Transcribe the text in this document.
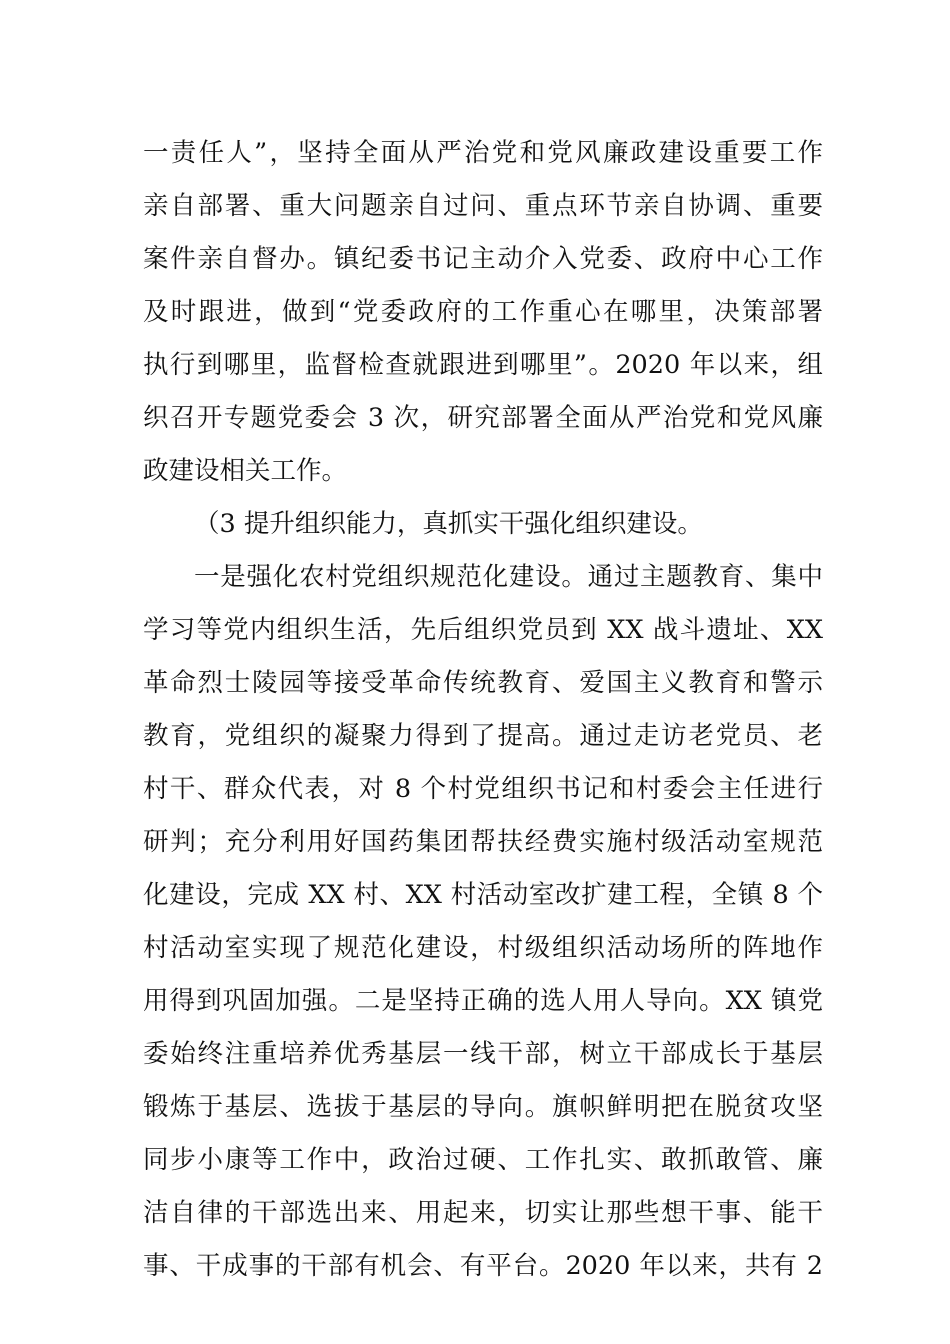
一责任人”，坚持全面从严治党和党风廉政建设重要工作
亲自部署、重大问题亲自过问、重点环节亲自协调、重要
案件亲自督办。镇纪委书记主动介入党委、政府中心工作
及时跟进，做到“党委政府的工作重心在哪里，决策部署
执行到哪里，监督检查就跟进到哪里”。2020 年以来，组
织召开专题党委会 3 次，研究部署全面从严治党和党风廉
政建设相关工作。
（3 提升组织能力，真抓实干强化组织建设。
一是强化农村党组织规范化建设。通过主题教育、集中
学习等党内组织生活，先后组织党员到 XX 战斗遗址、XX
革命烈士陵园等接受革命传统教育、爱国主义教育和警示
教育，党组织的凝聚力得到了提高。通过走访老党员、老
村干、群众代表，对 8 个村党组织书记和村委会主任进行
研判；充分利用好国药集团帮扶经费实施村级活动室规范
化建设，完成 XX 村、XX 村活动室改扩建工程，全镇 8 个
村活动室实现了规范化建设，村级组织活动场所的阵地作
用得到巩固加强。二是坚持正确的选人用人导向。XX 镇党
委始终注重培养优秀基层一线干部，树立干部成长于基层
锻炼于基层、选拔于基层的导向。旗帜鲜明把在脱贫攻坚
同步小康等工作中，政治过硬、工作扎实、敢抓敢管、廉
洁自律的干部选出来、用起来，切实让那些想干事、能干
事、干成事的干部有机会、有平台。2020 年以来，共有 2
